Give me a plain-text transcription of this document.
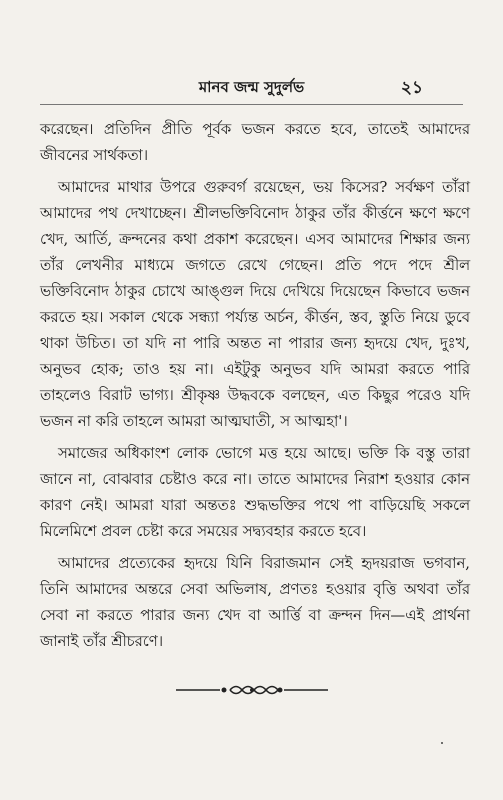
মানব জন্ম সুদুর্লভ	২১

করেছেন। প্রতিদিন প্রীতি পূর্বক ভজন করতে হবে, তাতেই আমাদের জীবনের সার্থকতা।

আমাদের মাথার উপরে গুরুবর্গ রয়েছেন, ভয় কিসের? সর্বক্ষণ তাঁরা আমাদের পথ দেখাচ্ছেন। শ্রীলভক্তিবিনোদ ঠাকুর তাঁর কীর্ত্তনে ক্ষণে ক্ষণে খেদ, আর্তি, ক্রন্দনের কথা প্রকাশ করেছেন। এসব আমাদের শিক্ষার জন্য তাঁর লেখনীর মাধ্যমে জগতে রেখে গেছেন। প্রতি পদে পদে শ্রীল ভক্তিবিনোদ ঠাকুর চোখে আঙ্গুল দিয়ে দেখিয়ে দিয়েছেন কিভাবে ভজন করতে হয়। সকাল থেকে সন্ধ্যা পর্য্যন্ত অর্চন, কীর্ত্তন, স্তব, স্তুতি নিয়ে ডুবে থাকা উচিত। তা যদি না পারি অন্তত না পারার জন্য হৃদয়ে খেদ, দুঃখ, অনুভব হোক; তাও হয় না। এইটুকু অনুভব যদি আমরা করতে পারি তাহলেও বিরাট ভাগ্য। শ্রীকৃষ্ণ উদ্ধবকে বলছেন, এত কিছুর পরেও যদি ভজন না করি তাহলে আমরা আত্মঘাতী, স আত্মহা'।

সমাজের অধিকাংশ লোক ভোগে মত্ত হয়ে আছে। ভক্তি কি বস্তু তারা জানে না, বোঝবার চেষ্টাও করে না। তাতে আমাদের নিরাশ হওয়ার কোন কারণ নেই। আমরা যারা অন্ততঃ শুদ্ধভক্তির পথে পা বাড়িয়েছি সকলে মিলেমিশে প্রবল চেষ্টা করে সময়ের সদ্ব্যবহার করতে হবে।

আমাদের প্রত্যেকের হৃদয়ে যিনি বিরাজমান সেই হৃদয়রাজ ভগবান, তিনি আমাদের অন্তরে সেবা অভিলাষ, প্রণতঃ হওয়ার বৃত্তি অথবা তাঁর সেবা না করতে পারার জন্য খেদ বা আর্ত্তি বা ক্রন্দন দিন—এই প্রার্থনা জানাই তাঁর শ্রীচরণে।
